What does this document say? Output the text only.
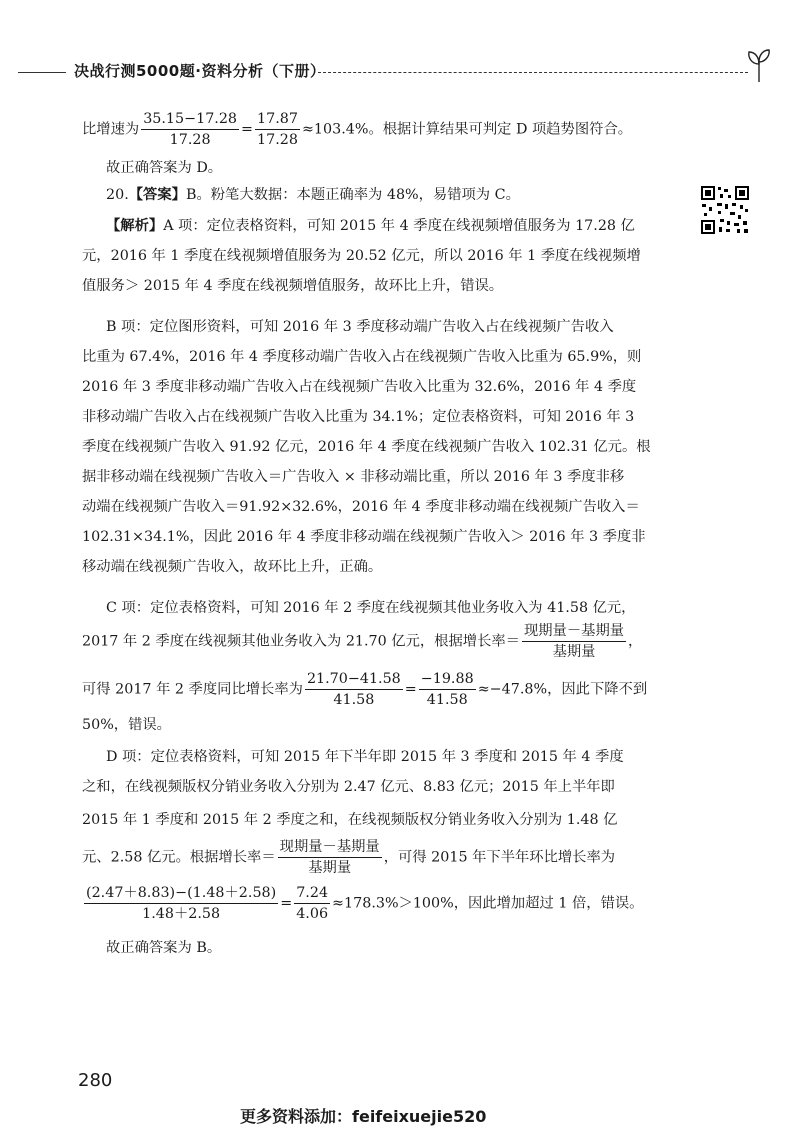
决战行测5000题·资料分析（下册）
比增速为 $\frac{35.15-17.28}{17.28} = \frac{17.87}{17.28} \approx 103.4\%$。根据计算结果可判定 D 项趋势图符合。
故正确答案为 D。
20.【答案】B。粉笔大数据：本题正确率为 48%，易错项为 C。
【解析】A 项：定位表格资料，可知 2015 年 4 季度在线视频增值服务为 17.28 亿
元，2016 年 1 季度在线视频增值服务为 20.52 亿元，所以 2016 年 1 季度在线视频增
值服务＞ 2015 年 4 季度在线视频增值服务，故环比上升，错误。
B 项：定位图形资料，可知 2016 年 3 季度移动端广告收入占在线视频广告收入
比重为 67.4%，2016 年 4 季度移动端广告收入占在线视频广告收入比重为 65.9%，则
2016 年 3 季度非移动端广告收入占在线视频广告收入比重为 32.6%，2016 年 4 季度
非移动端广告收入占在线视频广告收入比重为 34.1%；定位表格资料，可知 2016 年 3
季度在线视频广告收入 91.92 亿元，2016 年 4 季度在线视频广告收入 102.31 亿元。根
据非移动端在线视频广告收入＝广告收入 × 非移动端比重，所以 2016 年 3 季度非移
动端在线视频广告收入＝91.92×32.6%，2016 年 4 季度非移动端在线视频广告收入＝
102.31×34.1%，因此 2016 年 4 季度非移动端在线视频广告收入＞ 2016 年 3 季度非
移动端在线视频广告收入，故环比上升，正确。
C 项：定位表格资料，可知 2016 年 2 季度在线视频其他业务收入为 41.58 亿元，
2017 年 2 季度在线视频其他业务收入为 21.70 亿元，根据增长率＝ $\frac{\text{现期量－基期量}}{\text{基期量}}$ ，
可得 2017 年 2 季度同比增长率为 $\frac{21.70-41.58}{41.58} = \frac{-19.88}{41.58} \approx-47.8\%$，因此下降不到
50%，错误。
D 项：定位表格资料，可知 2015 年下半年即 2015 年 3 季度和 2015 年 4 季度
之和，在线视频版权分销业务收入分别为 2.47 亿元、8.83 亿元；2015 年上半年即
2015 年 1 季度和 2015 年 2 季度之和，在线视频版权分销业务收入分别为 1.48 亿
元、2.58 亿元。根据增长率＝ $\frac{\text{现期量－基期量}}{\text{基期量}}$ ，可得 2015 年下半年环比增长率为
$\frac{(2.47+8.83)-(1.48+2.58)}{1.48+2.58} = \frac{7.24}{4.06} \approx 178.3\%>100\%$，因此增加超过 1 倍，错误。
故正确答案为 B。
280
更多资料添加：feifeixuejie520
